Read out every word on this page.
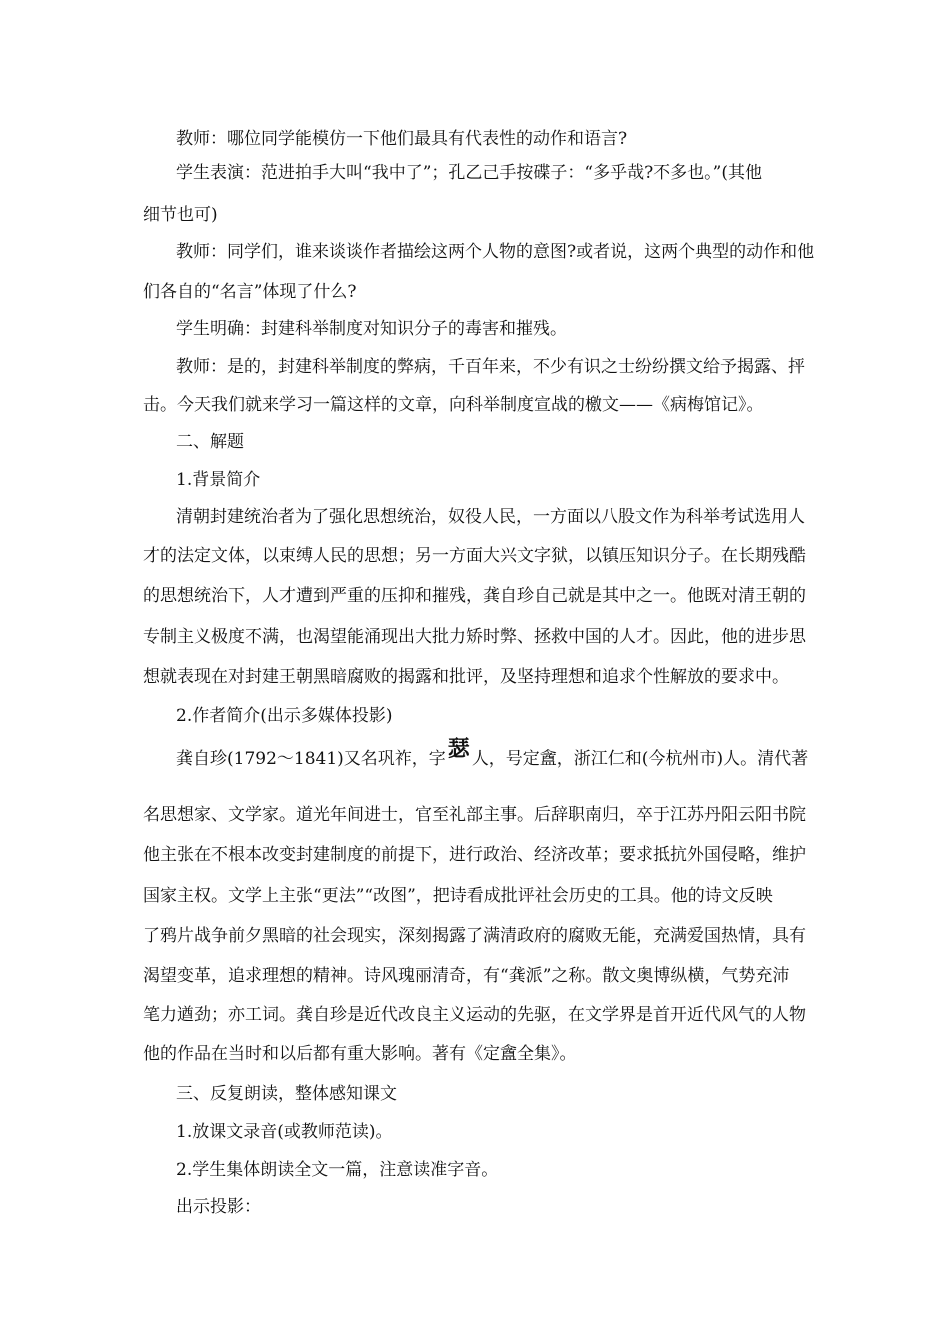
教师：哪位同学能模仿一下他们最具有代表性的动作和语言?
学生表演：范进拍手大叫“我中了”；孔乙己手按碟子：“多乎哉?不多也。”(其他
细节也可)
教师：同学们，谁来谈谈作者描绘这两个人物的意图?或者说，这两个典型的动作和他
们各自的“名言”体现了什么?
学生明确：封建科举制度对知识分子的毒害和摧残。
教师：是的，封建科举制度的弊病，千百年来，不少有识之士纷纷撰文给予揭露、抨
击。今天我们就来学习一篇这样的文章，向科举制度宣战的檄文——《病梅馆记》。
二、解题
1.背景简介
清朝封建统治者为了强化思想统治，奴役人民，一方面以八股文作为科举考试选用人
才的法定文体，以束缚人民的思想；另一方面大兴文字狱，以镇压知识分子。在长期残酷
的思想统治下，人才遭到严重的压抑和摧残，龚自珍自己就是其中之一。他既对清王朝的
专制主义极度不满，也渴望能涌现出大批力矫时弊、拯救中国的人才。因此，他的进步思
想就表现在对封建王朝黑暗腐败的揭露和批评，及坚持理想和追求个性解放的要求中。
2.作者简介(出示多媒体投影)
龚自珍(1792～1841)又名巩祚，字瑟 人，号定盦，浙江仁和(今杭州市)人。清代著
名思想家、文学家。道光年间进士，官至礼部主事。后辞职南归，卒于江苏丹阳云阳书院
他主张在不根本改变封建制度的前提下，进行政治、经济改革；要求抵抗外国侵略，维护
国家主权。文学上主张“更法”“改图”，把诗看成批评社会历史的工具。他的诗文反映
了鸦片战争前夕黑暗的社会现实，深刻揭露了满清政府的腐败无能，充满爱国热情，具有
渴望变革，追求理想的精神。诗风瑰丽清奇，有“龚派”之称。散文奥博纵横，气势充沛
笔力遒劲；亦工词。龚自珍是近代改良主义运动的先驱，在文学界是首开近代风气的人物
他的作品在当时和以后都有重大影响。著有《定盦全集》。
三、反复朗读，整体感知课文
1.放课文录音(或教师范读)。
2.学生集体朗读全文一篇，注意读准字音。
出示投影：
